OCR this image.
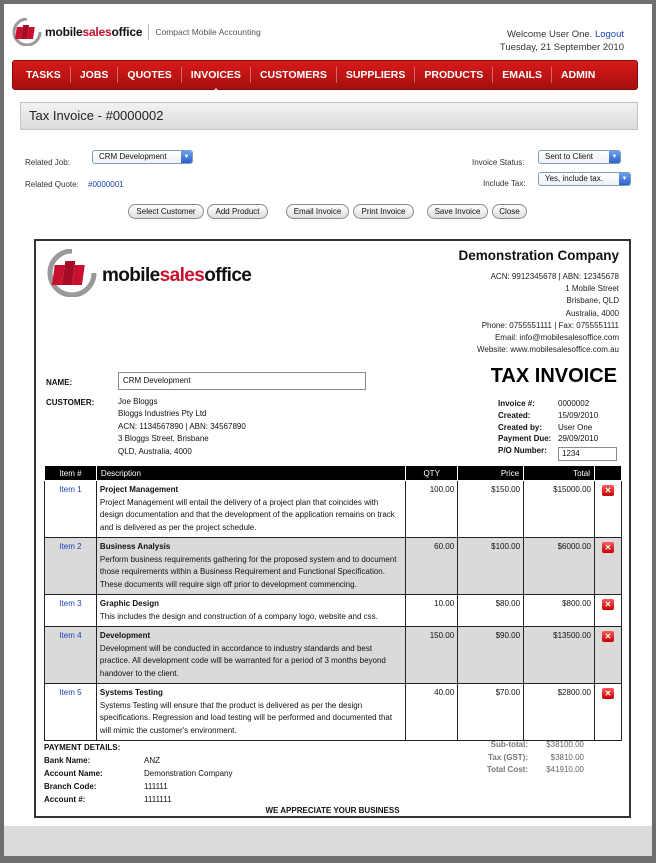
mobilesalesoffice Compact Mobile Accounting	Welcome User One. Logout
Tuesday, 21 September 2010
TASKS	JOBS	QUOTES	INVOICES	CUSTOMERS	SUPPLIERS	PRODUCTS	EMAILS	ADMIN
Tax Invoice - #0000002
Related Job:
CRM Development	▼
Related Quote: #0000001
Invoice Status:
Sent to Client	▼
Include Tax:
Yes, include tax.	▼
Select Customer	Add Product	Email Invoice	Print Invoice	Save Invoice	Close
mobilesalesoffice
Demonstration Company
ACN: 9912345678 | ABN: 12345678
1 Mobile Street
Brisbane, QLD
Australia, 4000
Phone: 0755551111 | Fax: 0755551111
Email: info@mobilesalesoffice.com
Website: www.mobilesalesoffice.com.au
NAME:	CRM Development
CUSTOMER:	Joe Bloggs
Bloggs Industries Pty Ltd
ACN: 1134567890 | ABN: 34567890
3 Bloggs Street, Brisbane
QLD, Australia, 4000
TAX INVOICE
Invoice #:	0000002
Created:	15/09/2010
Created by: User One
Payment Due: 29/09/2010
P/O Number:	1234
Item #	Description	QTY	Price	Total	
Item 1	Project Management
Project Management will entail the delivery of a project plan that coincides with design documentation and that the development of the application remains on track and is delivered as per the project schedule.	100.00	$150.00	$15000.00	✕
Item 2	Business Analysis
Perform business requirements gathering for the proposed system and to document those requirements within a Business Requirement and Functional Specification. These documents will require sign off prior to development commencing.	60.00	$100.00	$6000.00	✕
Item 3	Graphic Design
This includes the design and construction of a company logo, website and css.	10.00	$80.00	$800.00	✕
Item 4	Development
Development will be conducted in accordance to industry standards and best practice. All development code will be warranted for a period of 3 months beyond handover to the client.	150.00	$90.00	$13500.00	✕
Item 5	Systems Testing
Systems Testing will ensure that the product is delivered as per the design specifications. Regression and load testing will be performed and documented that will mimic the customer's environment.	40.00	$70.00	$2800.00	✕
PAYMENT DETAILS:
Bank Name:	ANZ
Account Name:	Demonstration Company
Branch Code:	111111
Account #:	1111111
Sub-total: $38100.00
Tax (GST):	$3810.00
Total Cost: $41910.00
WE APPRECIATE YOUR BUSINESS
